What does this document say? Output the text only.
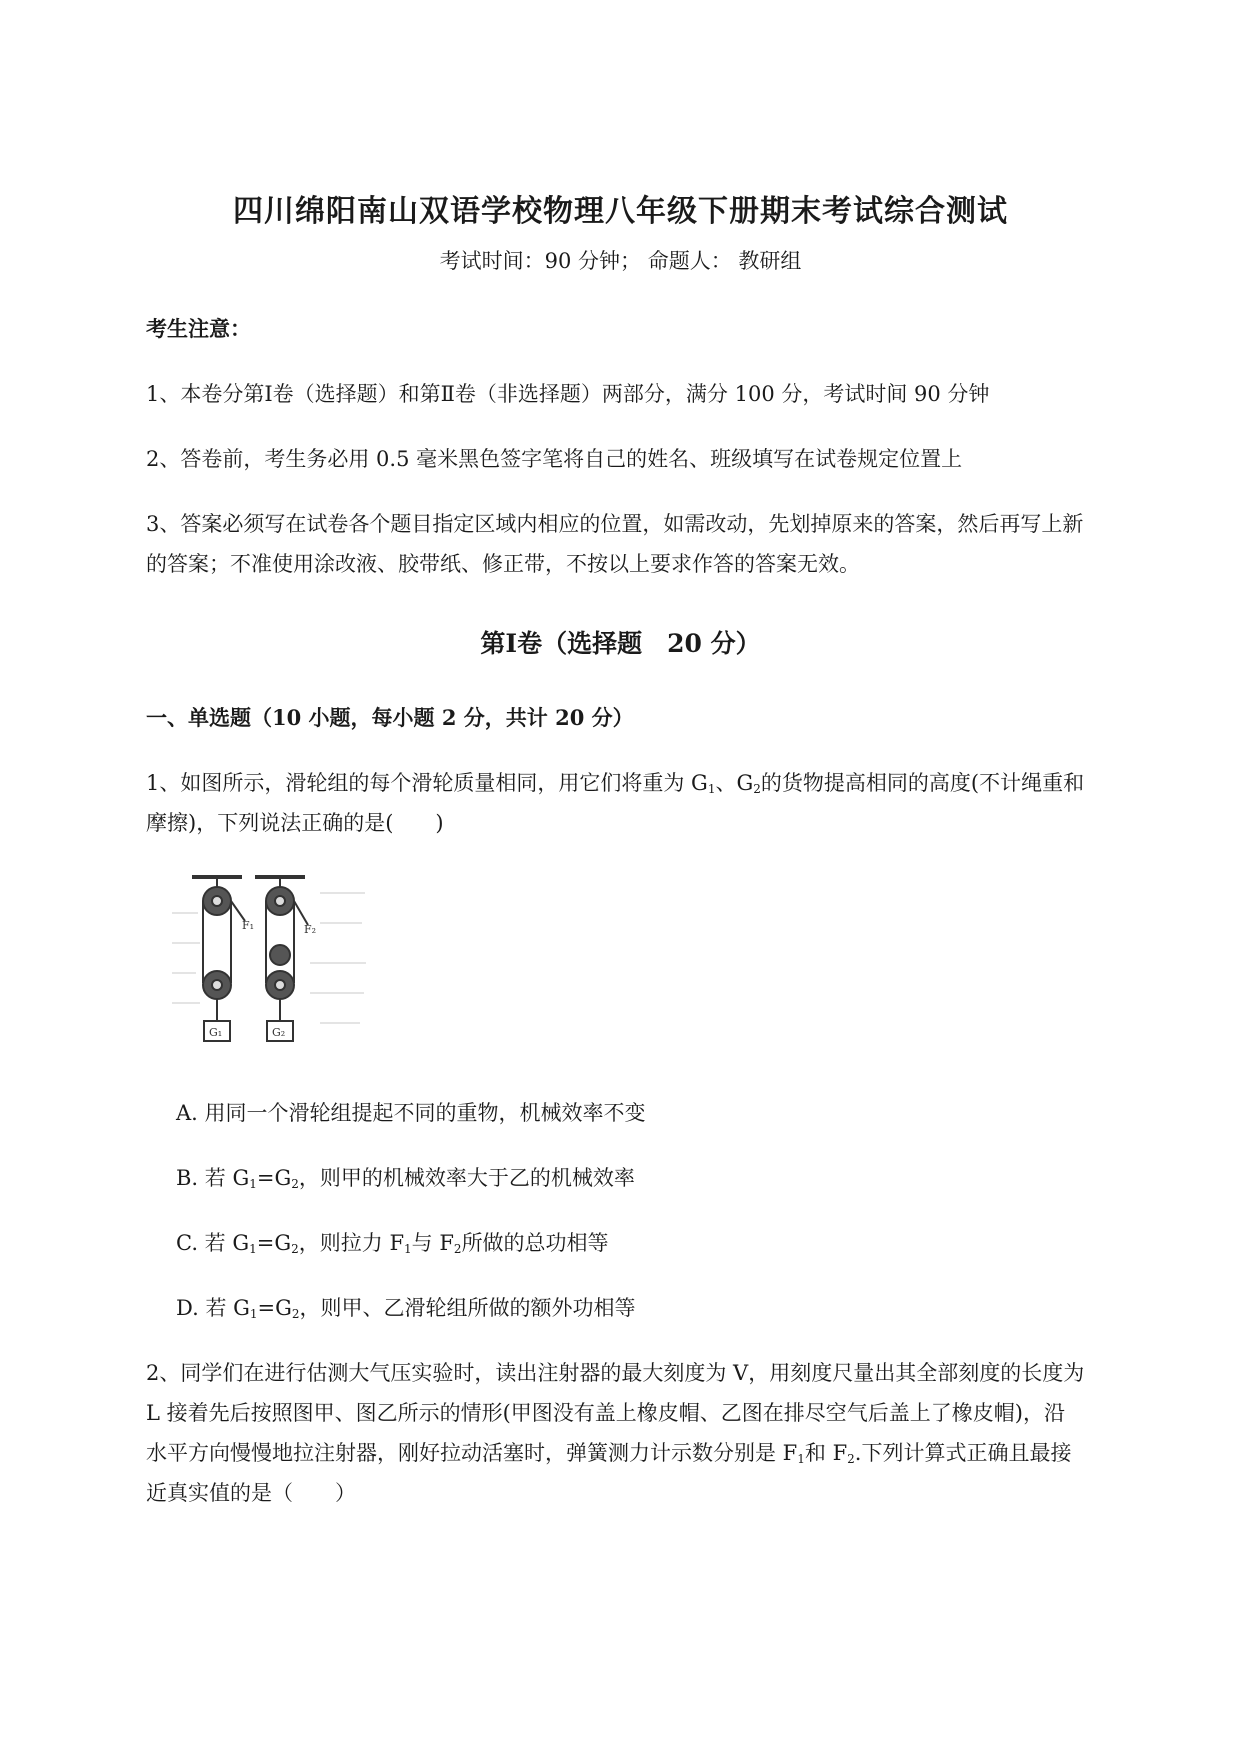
四川绵阳南山双语学校物理八年级下册期末考试综合测试
考试时间：90 分钟； 命题人： 教研组
考生注意：
1、本卷分第Ⅰ卷（选择题）和第Ⅱ卷（非选择题）两部分，满分 100 分，考试时间 90 分钟
2、答卷前，考生务必用 0.5 毫米黑色签字笔将自己的姓名、班级填写在试卷规定位置上
3、答案必须写在试卷各个题目指定区域内相应的位置，如需改动，先划掉原来的答案，然后再写上新
的答案；不准使用涂改液、胶带纸、修正带，不按以上要求作答的答案无效。
第Ⅰ卷（选择题　20 分）
一、单选题（10 小题，每小题 2 分，共计 20 分）
1、如图所示，滑轮组的每个滑轮质量相同，用它们将重为 $G_1$、$G_2$的货物提高相同的高度(不计绳重和
摩擦)，下列说法正确的是(　　)
F₁
G₁
F₂
G₂
A. 用同一个滑轮组提起不同的重物，机械效率不变
B. 若 $G_1=G_2$，则甲的机械效率大于乙的机械效率
C. 若 $G_1=G_2$，则拉力 $F_1$与 $F_2$所做的总功相等
D. 若 $G_1=G_2$，则甲、乙滑轮组所做的额外功相等
2、同学们在进行估测大气压实验时，读出注射器的最大刻度为 V，用刻度尺量出其全部刻度的长度为
L 接着先后按照图甲、图乙所示的情形(甲图没有盖上橡皮帽、乙图在排尽空气后盖上了橡皮帽)，沿
水平方向慢慢地拉注射器，刚好拉动活塞时，弹簧测力计示数分别是 $F_1$和 $F_2$.下列计算式正确且最接
近真实值的是（　　）
